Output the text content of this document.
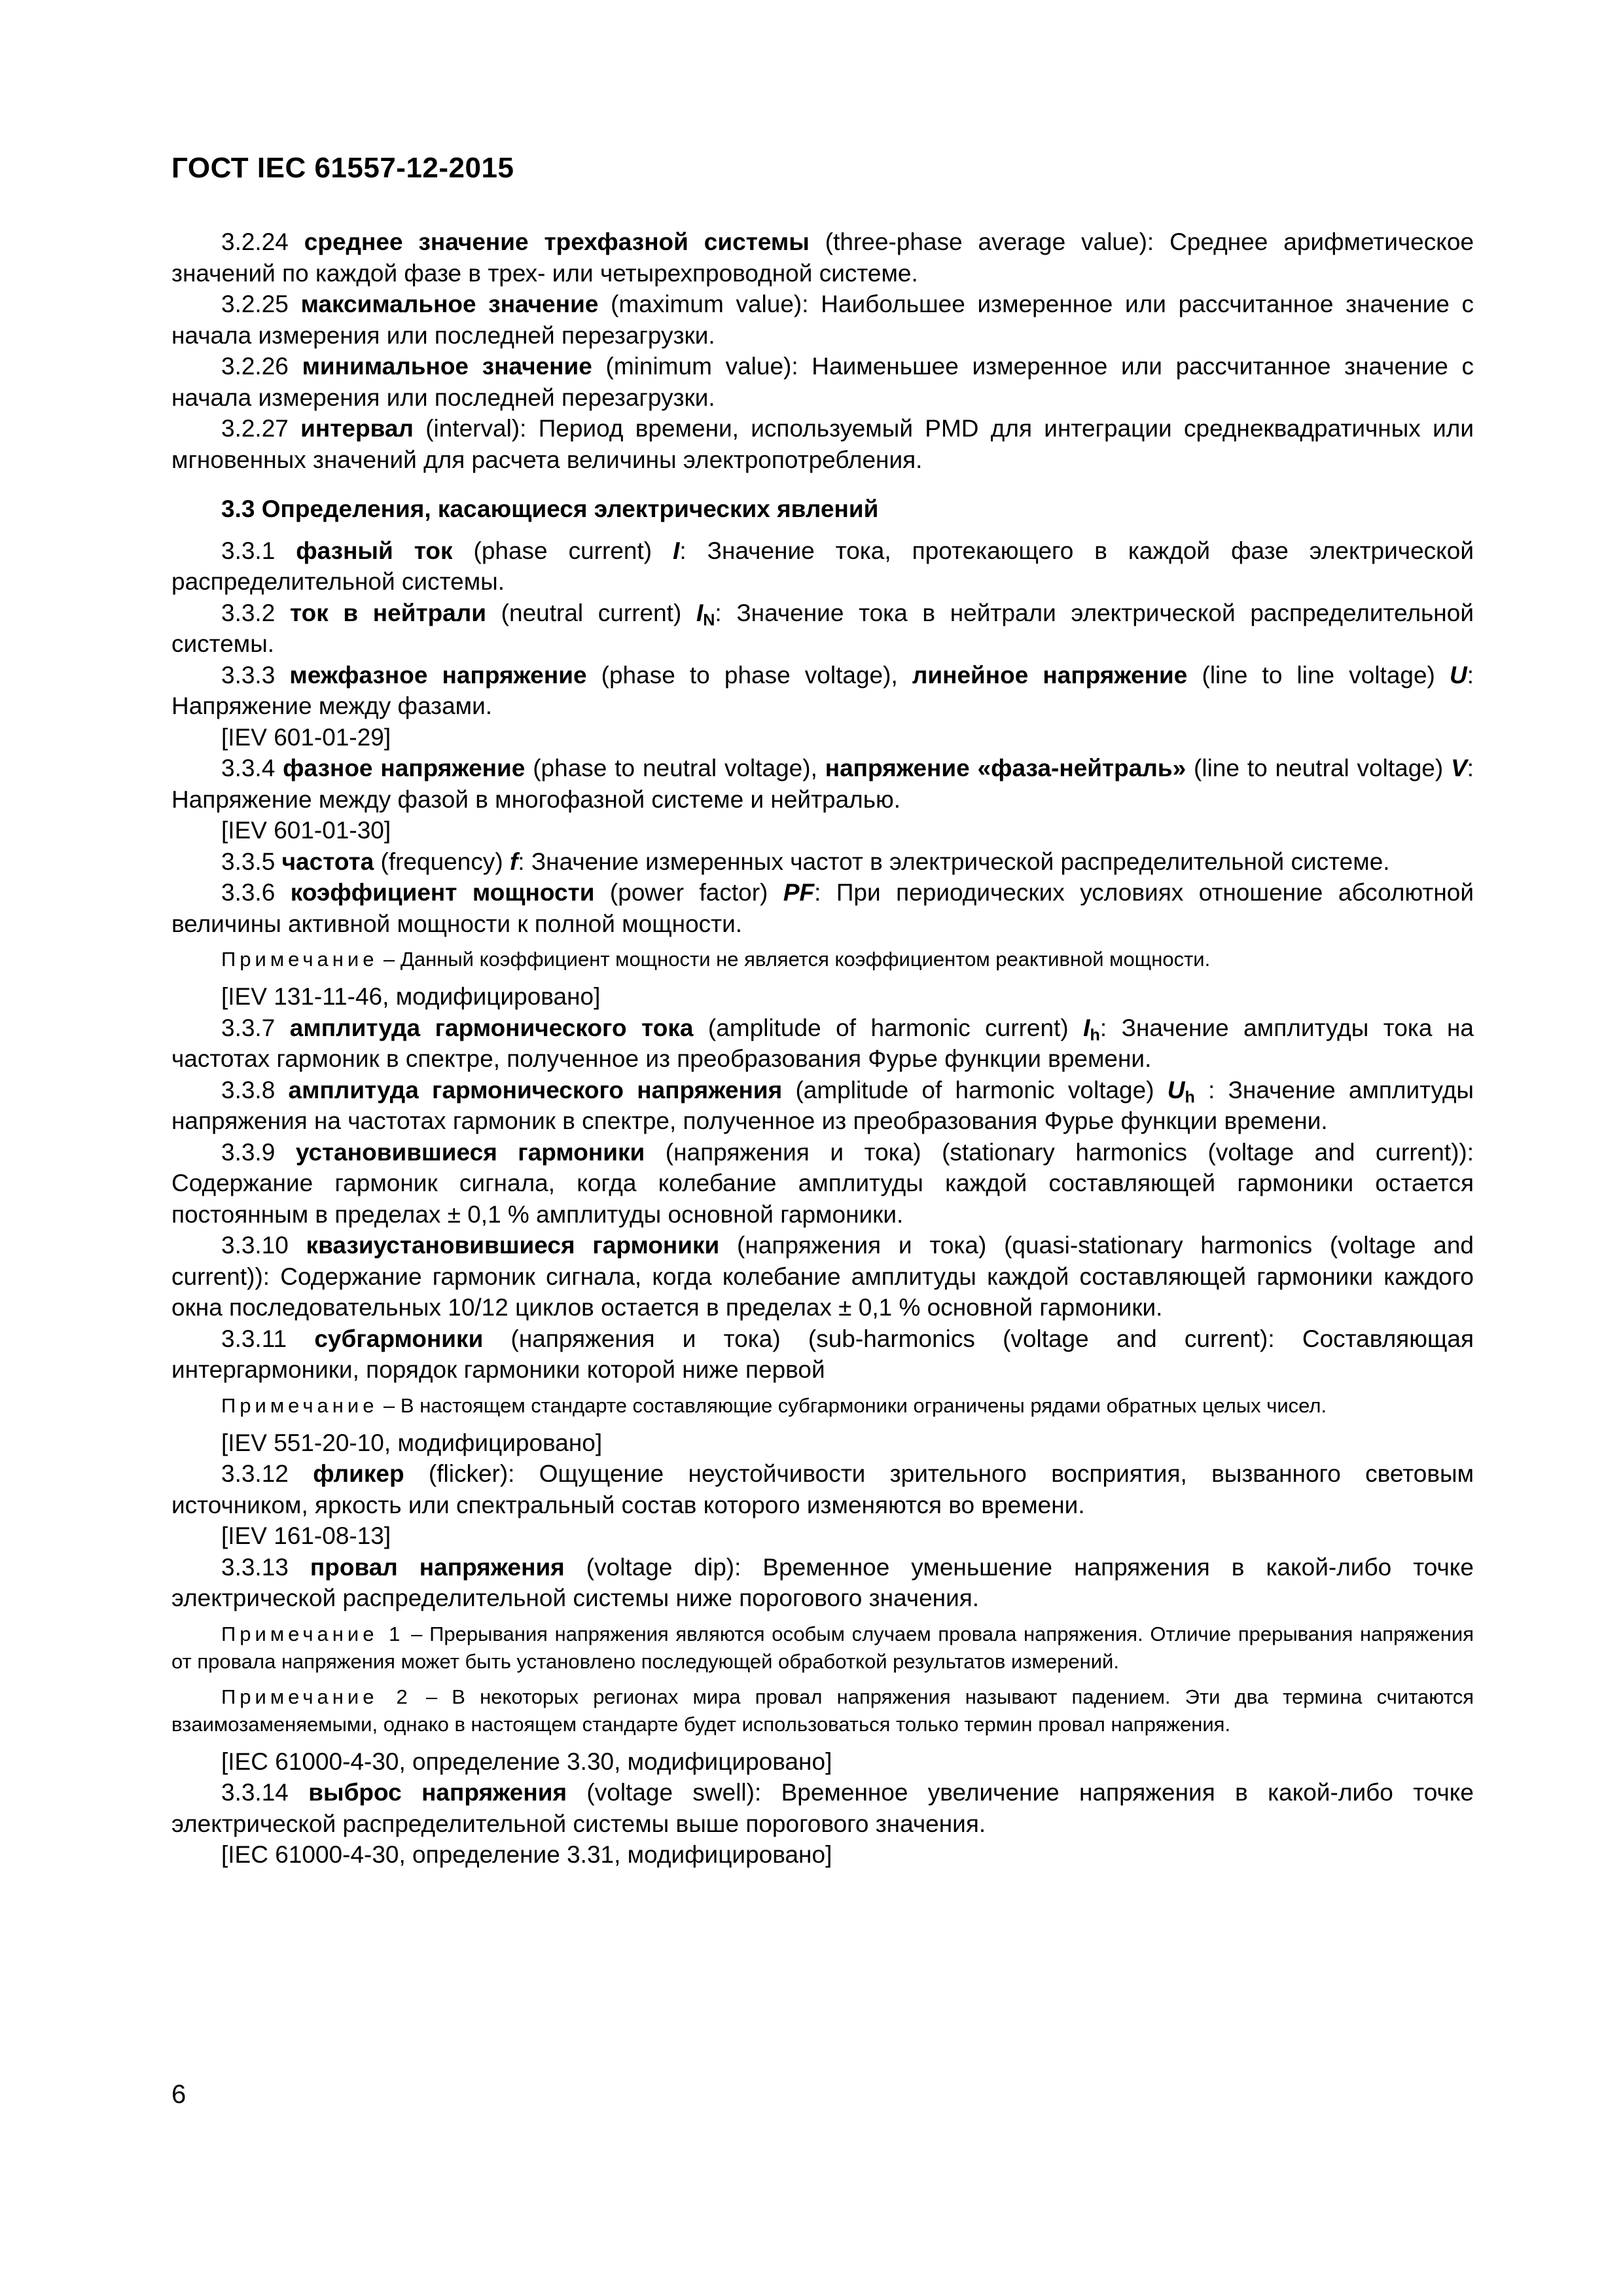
ГОСТ IEC 61557-12-2015

3.2.24 среднее значение трехфазной системы (three-phase average value): Среднее арифметическое значений по каждой фазе в трех- или четырехпроводной системе.

3.2.25 максимальное значение (maximum value): Наибольшее измеренное или рассчитанное значение с начала измерения или последней перезагрузки.

3.2.26 минимальное значение (minimum value): Наименьшее измеренное или рассчитанное значение с начала измерения или последней перезагрузки.

3.2.27 интервал (interval): Период времени, используемый PMD для интеграции среднеквадратичных или мгновенных значений для расчета величины электропотребления.

3.3 Определения, касающиеся электрических явлений

3.3.1 фазный ток (phase current) I: Значение тока, протекающего в каждой фазе электрической распределительной системы.

3.3.2 ток в нейтрали (neutral current) $I_N$: Значение тока в нейтрали электрической распределительной системы.

3.3.3 межфазное напряжение (phase to phase voltage), линейное напряжение (line to line voltage) U: Напряжение между фазами.

[IEV 601-01-29]

3.3.4 фазное напряжение (phase to neutral voltage), напряжение «фаза-нейтраль» (line to neutral voltage) V: Напряжение между фазой в многофазной системе и нейтралью.

[IEV 601-01-30]

3.3.5 частота (frequency) f: Значение измеренных частот в электрической распределительной системе.

3.3.6 коэффициент мощности (power factor) PF: При периодических условиях отношение абсолютной величины активной мощности к полной мощности.

Примечание – Данный коэффициент мощности не является коэффициентом реактивной мощности.

[IEV 131-11-46, модифицировано]

3.3.7 амплитуда гармонического тока (amplitude of harmonic current) $I_h$: Значение амплитуды тока на частотах гармоник в спектре, полученное из преобразования Фурье функции времени.

3.3.8 амплитуда гармонического напряжения (amplitude of harmonic voltage) $U_h$ : Значение амплитуды напряжения на частотах гармоник в спектре, полученное из преобразования Фурье функции времени.

3.3.9 установившиеся гармоники (напряжения и тока) (stationary harmonics (voltage and current)): Содержание гармоник сигнала, когда колебание амплитуды каждой составляющей гармоники остается постоянным в пределах ± 0,1 % амплитуды основной гармоники.

3.3.10 квазиустановившиеся гармоники (напряжения и тока) (quasi-stationary harmonics (voltage and current)): Содержание гармоник сигнала, когда колебание амплитуды каждой составляющей гармоники каждого окна последовательных 10/12 циклов остается в пределах ± 0,1 % основной гармоники.

3.3.11 субгармоники (напряжения и тока) (sub-harmonics (voltage and current): Составляющая интергармоники, порядок гармоники которой ниже первой

Примечание – В настоящем стандарте составляющие субгармоники ограничены рядами обратных целых чисел.

[IEV 551-20-10, модифицировано]

3.3.12 фликер (flicker): Ощущение неустойчивости зрительного восприятия, вызванного световым источником, яркость или спектральный состав которого изменяются во времени.

[IEV 161-08-13]

3.3.13 провал напряжения (voltage dip): Временное уменьшение напряжения в какой-либо точке электрической распределительной системы ниже порогового значения.

Примечание 1 – Прерывания напряжения являются особым случаем провала напряжения. Отличие прерывания напряжения от провала напряжения может быть установлено последующей обработкой результатов измерений.

Примечание 2 – В некоторых регионах мира провал напряжения называют падением. Эти два термина считаются взаимозаменяемыми, однако в настоящем стандарте будет использоваться только термин провал напряжения.

[IEC 61000-4-30, определение 3.30, модифицировано]

3.3.14 выброс напряжения (voltage swell): Временное увеличение напряжения в какой-либо точке электрической распределительной системы выше порогового значения.

[IEC 61000-4-30, определение 3.31, модифицировано]

6
